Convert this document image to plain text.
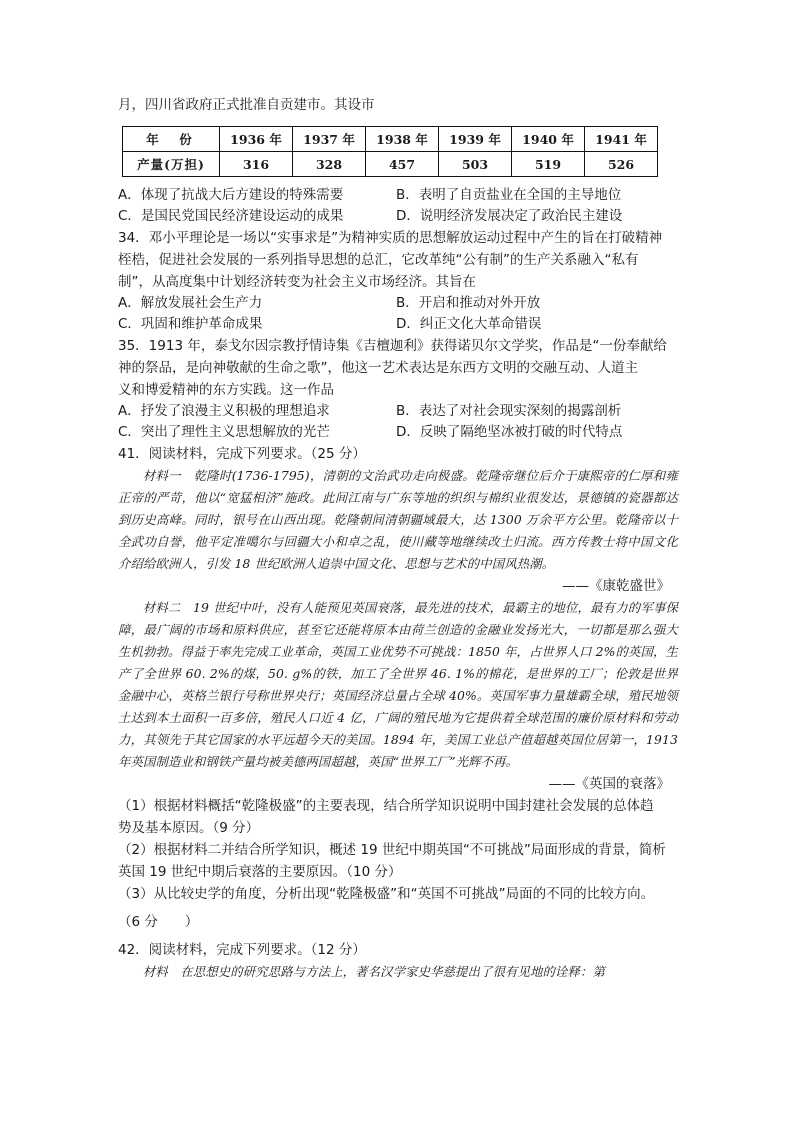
月，四川省政府正式批准自贡建市。其设市
年　份	1936 年	1937 年	1938 年	1939 年	1940 年	1941 年
产量(万担)	316	328	457	503	519	526
A．体现了抗战大后方建设的特殊需要	B．表明了自贡盐业在全国的主导地位
C．是国民党国民经济建设运动的成果	D．说明经济发展决定了政治民主建设
34．邓小平理论是一场以“实事求是”为精神实质的思想解放运动过程中产生的旨在打破精神
桎梏，促进社会发展的一系列指导思想的总汇，它改革纯“公有制”的生产关系融入“私有
制”，从高度集中计划经济转变为社会主义市场经济。其旨在
A．解放发展社会生产力	B．开启和推动对外开放
C．巩固和维护革命成果	D．纠正文化大革命错误
35．1913 年，泰戈尔因宗教抒情诗集《吉檀迦利》获得诺贝尔文学奖，作品是“一份奉献给
神的祭品，是向神敬献的生命之歌”，他这一艺术表达是东西方文明的交融互动、人道主
义和博爱精神的东方实践。这一作品
A．抒发了浪漫主义积极的理想追求	B．表达了对社会现实深刻的揭露剖析
C．突出了理性主义思想解放的光芒	D．反映了隔绝坚冰被打破的时代特点
41．阅读材料，完成下列要求。（25 分）

材料一　乾隆时(1736-1795)，清朝的文治武功走向极盛。乾隆帝继位后介于康熙帝的仁厚和雍正帝的严苛，他以“宽猛相济”施政。此间江南与广东等地的织织与棉织业很发达，景德镇的瓷器都达到历史高峰。同时，银号在山西出现。乾隆朝间清朝疆域最大，达 1300 万余平方公里。乾隆帝以十全武功自誉，他平定准噶尔与回疆大小和卓之乱，使川藏等地继续改土归流。西方传教士将中国文化介绍给欧洲人，引发 18 世纪欧洲人追崇中国文化、思想与艺术的中国风热潮。

——《康乾盛世》

材料二　19 世纪中叶，没有人能预见英国衰落，最先进的技术，最霸主的地位，最有力的军事保障，最广阔的市场和原料供应，甚至它还能将原本由荷兰创造的金融业发扬光大，一切都是那么强大生机勃勃。得益于率先完成工业革命，英国工业优势不可挑战：1850 年，占世界人口 2%的英国，生产了全世界 60. 2%的煤，50. g%的铁，加工了全世界 46. 1%的棉花，是世界的工厂；伦敦是世界金融中心，英格兰银行号称世界央行；英国经济总量占全球 40%。英国军事力量雄霸全球，殖民地领土达到本土面积一百多倍，殖民人口近 4 亿，广阔的殖民地为它提供着全球范围的廉价原材料和劳动力，其领先于其它国家的水平远超今天的美国。1894 年，美国工业总产值超越英国位居第一，1913 年英国制造业和钢铁产量均被美德两国超越，英国“世界工厂”光辉不再。

——《英国的衰落》
（1）根据材料概括“乾隆极盛”的主要表现，结合所学知识说明中国封建社会发展的总体趋
势及基本原因。（9 分）
（2）根据材料二并结合所学知识，概述 19 世纪中期英国“不可挑战”局面形成的背景，简析
英国 19 世纪中期后衰落的主要原因。（10 分）
（3）从比较史学的角度，分析出现“乾隆极盛”和“英国不可挑战”局面的不同的比较方向。
（6 分　　）
42．阅读材料，完成下列要求。（12 分）

材料　在思想史的研究思路与方法上，著名汉学家史华慈提出了很有见地的诠释：第
